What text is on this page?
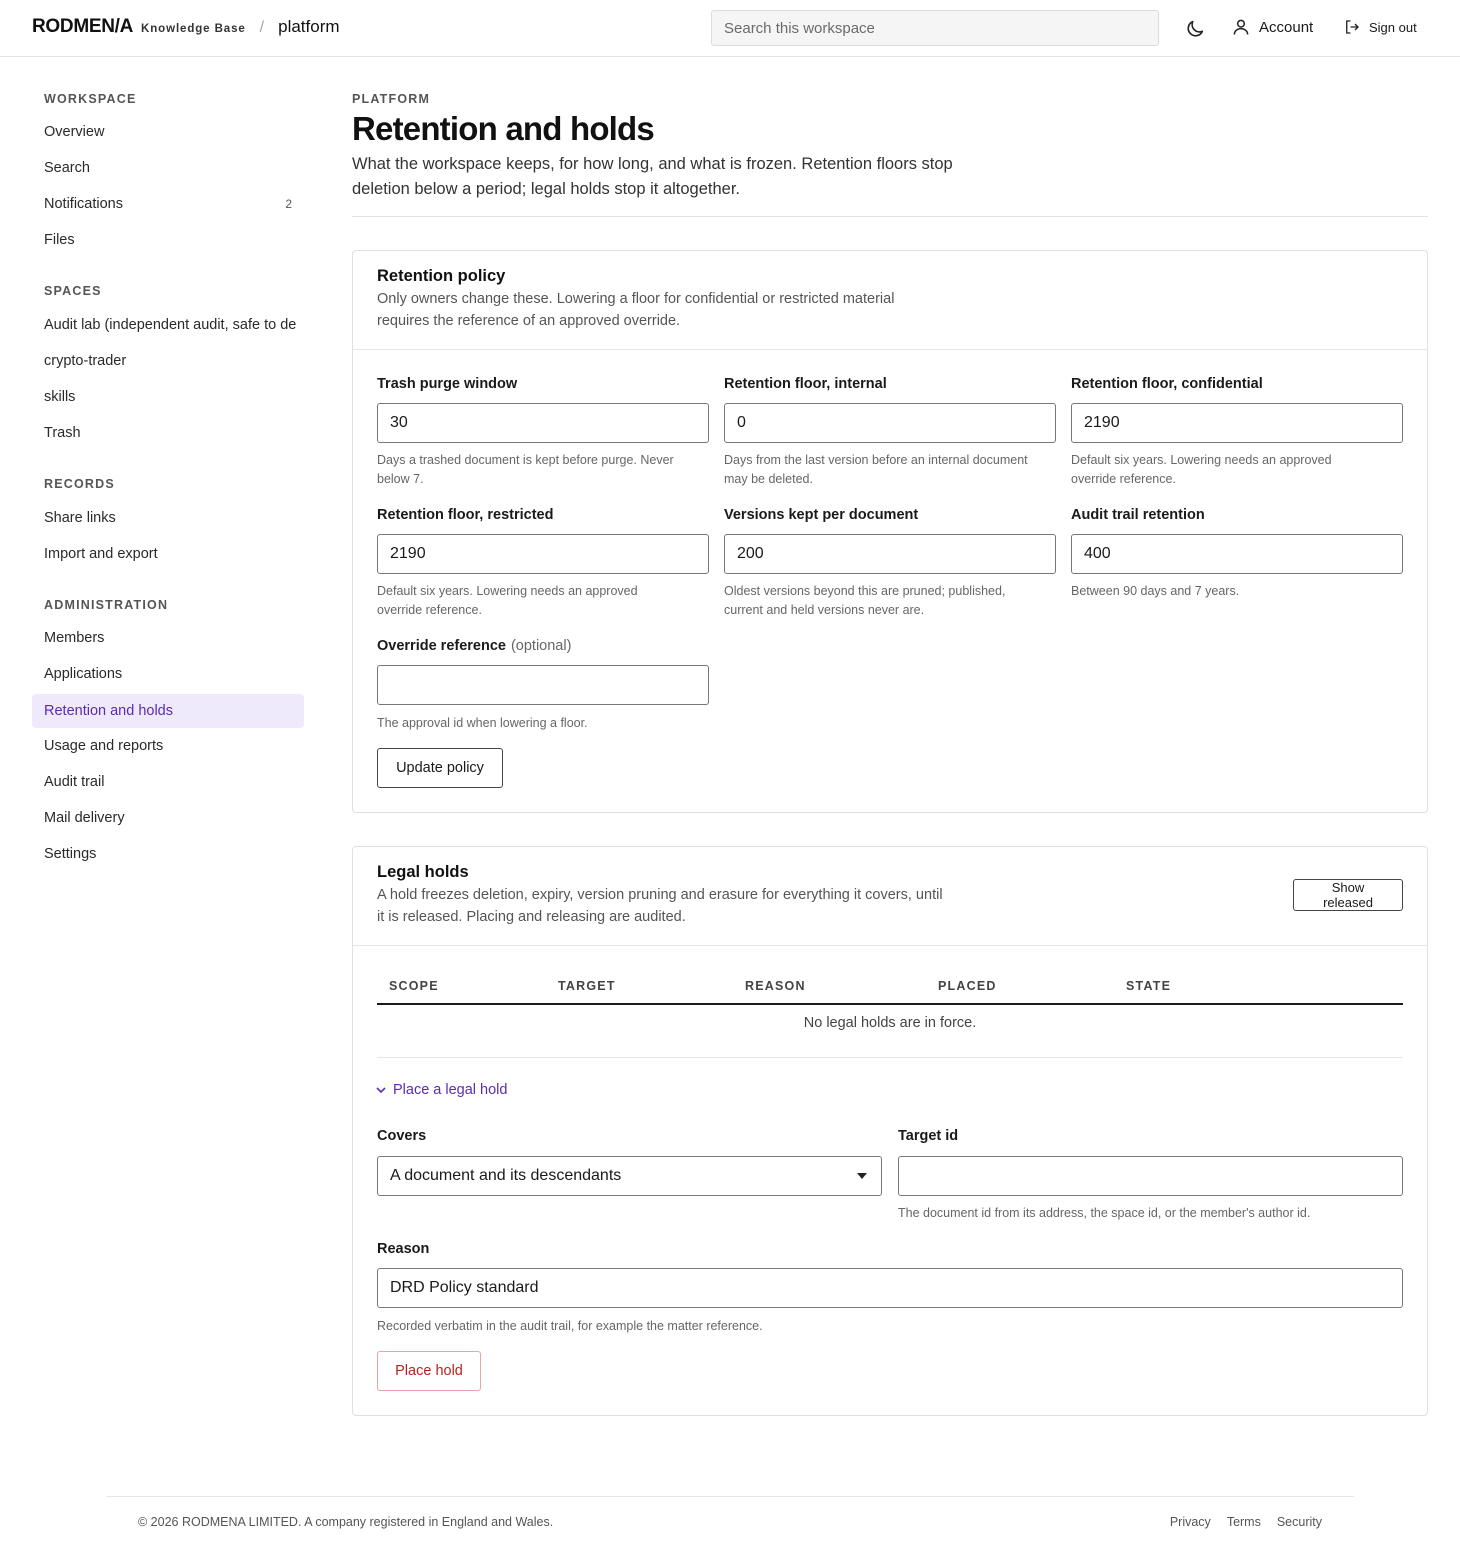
RODMEN/A Knowledge Base / platform
Search this workspace	Account	Sign out
WORKSPACE
Overview
Search
Notifications	2
Files
SPACES
Audit lab (independent audit, safe to de
crypto-trader
skills
Trash
RECORDS
Share links
Import and export
ADMINISTRATION
Members
Applications
Retention and holds
Usage and reports
Audit trail
Mail delivery
Settings
PLATFORM
Retention and holds

What the workspace keeps, for how long, and what is frozen. Retention floors stop deletion below a period; legal holds stop it altogether.

Retention policy

Only owners change these. Lowering a floor for confidential or restricted material requires the reference of an approved override.

Trash purge window
30

Days a trashed document is kept before purge. Never below 7.

Retention floor, internal
0

Days from the last version before an internal document may be deleted.

Retention floor, confidential
2190

Default six years. Lowering needs an approved override reference.

Retention floor, restricted
2190

Default six years. Lowering needs an approved override reference.

Versions kept per document
200

Oldest versions beyond this are pruned; published, current and held versions never are.

Audit trail retention
400

Between 90 days and 7 years.

Override reference (optional)

The approval id when lowering a floor.

Update policy
Legal holds

A hold freezes deletion, expiry, version pruning and erasure for everything it covers, until it is released. Placing and releasing are audited.

Show released
SCOPE	TARGET	REASON	PLACED	STATE
No legal holds are in force.
Place a legal hold
Covers
A document and its descendants
Target id

The document id from its address, the space id, or the member's author id.

Reason
DRD Policy standard

Recorded verbatim in the audit trail, for example the matter reference.

Place hold
© 2026 RODMENA LIMITED. A company registered in England and Wales.	Privacy Terms Security
